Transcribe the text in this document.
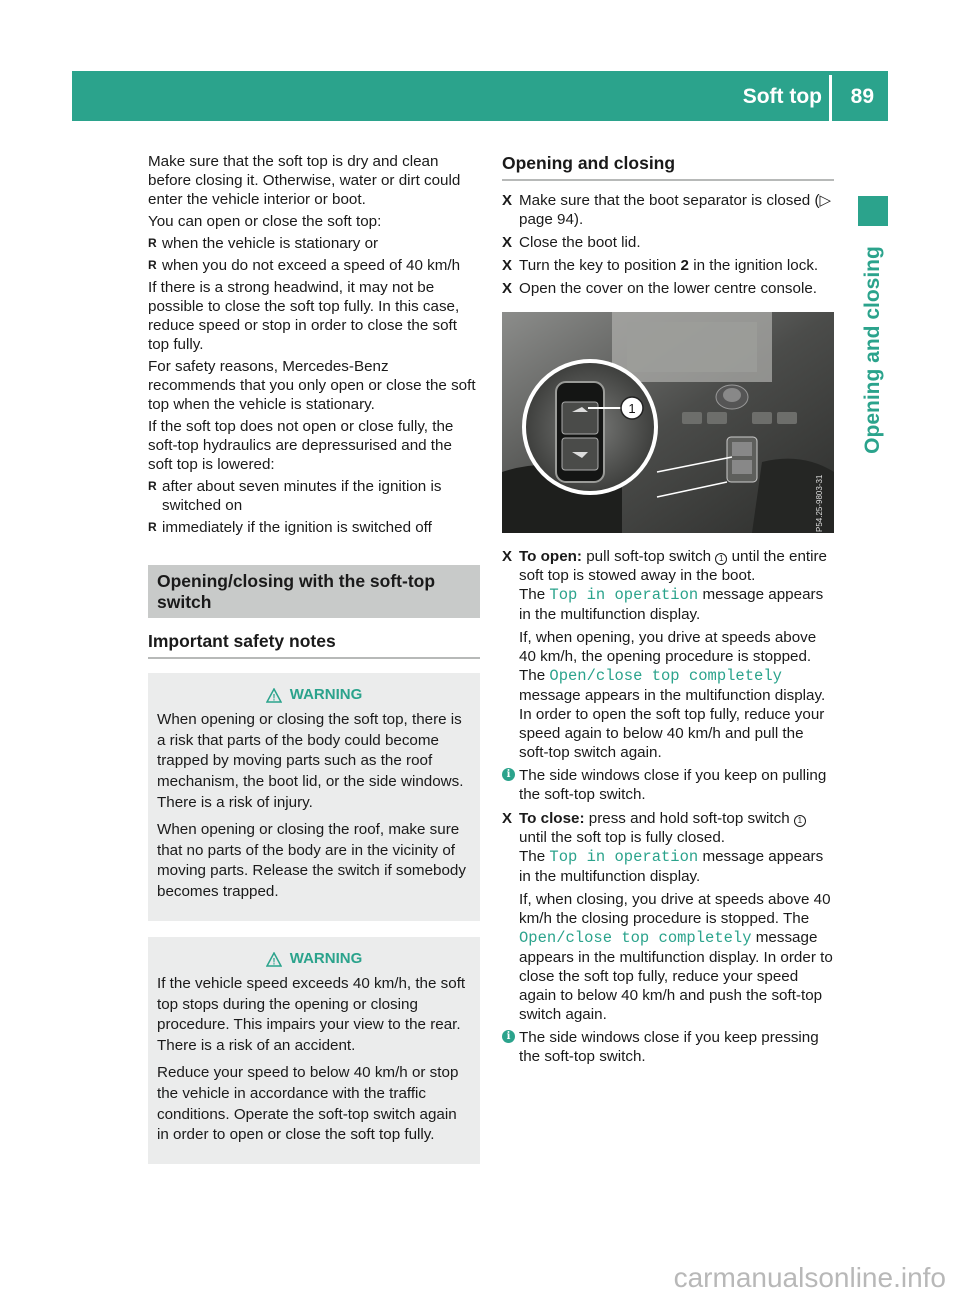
Soft top 89
Opening and closing

Make sure that the soft top is dry and clean before closing it. Otherwise, water or dirt could enter the vehicle interior or boot.

You can open or close the soft top:

R when the vehicle is stationary or
R when you do not exceed a speed of 40 km/h

If there is a strong headwind, it may not be possible to close the soft top fully. In this case, reduce speed or stop in order to close the soft top fully.

For safety reasons, Mercedes-Benz recommends that you only open or close the soft top when the vehicle is stationary.

If the soft top does not open or close fully, the soft-top hydraulics are depressurised and the soft top is lowered:

R after about seven minutes if the ignition is switched on
R immediately if the ignition is switched off
Opening/closing with the soft-top switch
Important safety notes
! WARNING

When opening or closing the soft top, there is a risk that parts of the body could become trapped by moving parts such as the roof mechanism, the boot lid, or the side windows. There is a risk of injury.

When opening or closing the roof, make sure that no parts of the body are in the vicinity of moving parts. Release the switch if somebody becomes trapped.

! WARNING

If the vehicle speed exceeds 40 km/h, the soft top stops during the opening or closing procedure. This impairs your view to the rear. There is a risk of an accident.

Reduce your speed to below 40 km/h or stop the vehicle in accordance with the traffic conditions. Operate the soft-top switch again in order to open or close the soft top fully.

Opening and closing
X
Make sure that the boot separator is closed (▷ page 94).
X
Close the boot lid.
X
Turn the key to position 2 in the ignition lock.
X
Open the cover on the lower centre console.
1
P54.25-9803-31
X
To open: pull soft-top switch 1 until the entire soft top is stowed away in the boot.
The Top in operation message appears in the multifunction display.
If, when opening, you drive at speeds above 40 km/h, the opening procedure is stopped. The Open/close top completely message appears in the multifunction display. In order to open the soft top fully, reduce your speed again to below 40 km/h and pull the soft-top switch again.
i The side windows close if you keep on pulling the soft-top switch.
X
To close: press and hold soft-top switch 1 until the soft top is fully closed.
The Top in operation message appears in the multifunction display.
If, when closing, you drive at speeds above 40 km/h the closing procedure is stopped. The Open/close top completely message appears in the multifunction display. In order to close the soft top fully, reduce your speed again to below 40 km/h and push the soft-top switch again.
i The side windows close if you keep pressing the soft-top switch.
carmanualsonline.info
